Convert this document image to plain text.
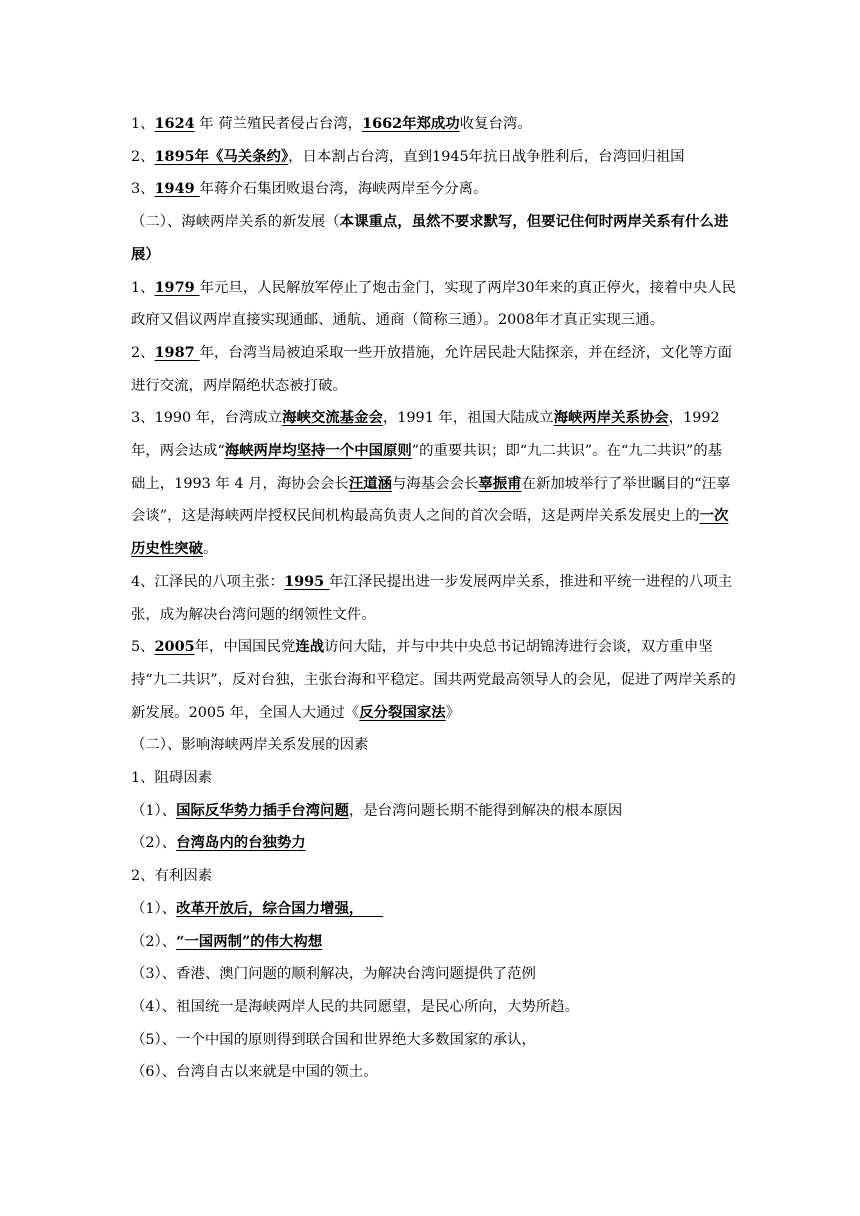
1、1624 年 荷兰殖民者侵占台湾，1662年郑成功收复台湾。

2、1895年《马关条约》，日本割占台湾，直到1945年抗日战争胜利后，台湾回归祖国

3、1949 年蒋介石集团败退台湾，海峡两岸至今分离。

（二）、海峡两岸关系的新发展（本课重点，虽然不要求默写，但要记住何时两岸关系有什么进展）

1、1979 年元旦，人民解放军停止了炮击金门，实现了两岸30年来的真正停火，接着中央人民政府又倡议两岸直接实现通邮、通航、通商（简称三通）。2008年才真正实现三通。

2、1987 年，台湾当局被迫采取一些开放措施，允许居民赴大陆探亲，并在经济，文化等方面进行交流，两岸隔绝状态被打破。

3、1990 年，台湾成立海峡交流基金会，1991 年，祖国大陆成立海峡两岸关系协会，1992年，两会达成“海峡两岸均坚持一个中国原则”的重要共识；即“九二共识”。在“九二共识”的基础上，1993 年 4 月，海协会会长汪道涵与海基会会长辜振甫在新加坡举行了举世瞩目的“汪辜会谈”，这是海峡两岸授权民间机构最高负责人之间的首次会晤，这是两岸关系发展史上的一次历史性突破。

4、江泽民的八项主张：1995 年江泽民提出进一步发展两岸关系，推进和平统一进程的八项主张，成为解决台湾问题的纲领性文件。

5、2005年，中国国民党连战访问大陆，并与中共中央总书记胡锦涛进行会谈，双方重申坚持“九二共识”，反对台独，主张台海和平稳定。国共两党最高领导人的会见，促进了两岸关系的新发展。2005 年，全国人大通过《反分裂国家法》

（二）、影响海峡两岸关系发展的因素

1、阻碍因素

（1）、国际反华势力插手台湾问题，是台湾问题长期不能得到解决的根本原因

（2）、台湾岛内的台独势力

2、有利因素

（1）、改革开放后，综合国力增强，

（2）、“一国两制”的伟大构想

（3）、香港、澳门问题的顺利解决，为解决台湾问题提供了范例

（4）、祖国统一是海峡两岸人民的共同愿望，是民心所向，大势所趋。

（5）、一个中国的原则得到联合国和世界绝大多数国家的承认，

（6）、台湾自古以来就是中国的领土。
